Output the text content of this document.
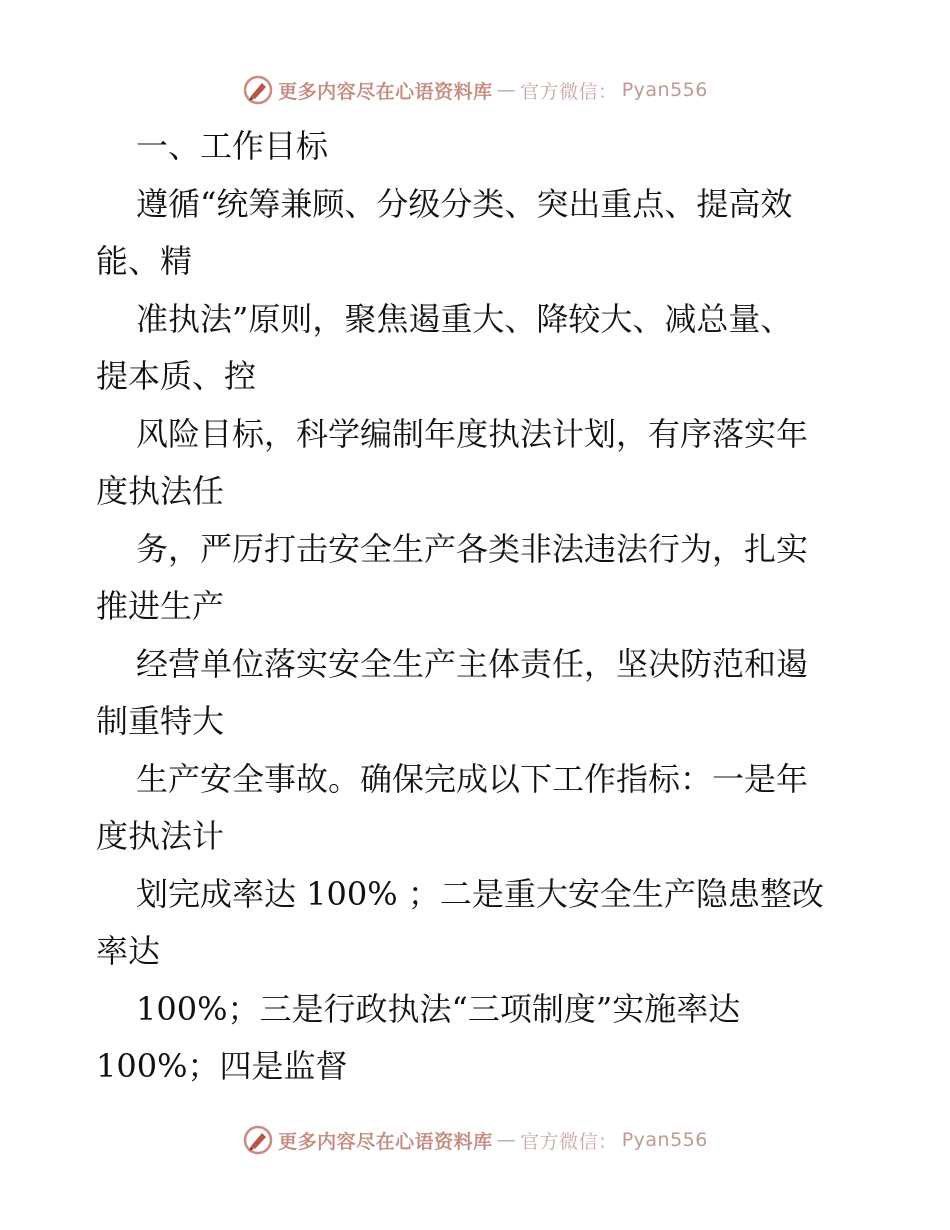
更多内容尽在心语资料库 — 官方微信： Pyan556
一、工作目标
遵循“统筹兼顾、分级分类、突出重点、提高效
能、精
准执法”原则，聚焦遏重大、降较大、减总量、
提本质、控
风险目标，科学编制年度执法计划，有序落实年
度执法任
务，严厉打击安全生产各类非法违法行为，扎实
推进生产
经营单位落实安全生产主体责任，坚决防范和遏
制重特大
生产安全事故。确保完成以下工作指标：一是年
度执法计
划完成率达 100% ；二是重大安全生产隐患整改
率达
100%；三是行政执法“三项制度”实施率达
100%；四是监督
更多内容尽在心语资料库 — 官方微信： Pyan556
